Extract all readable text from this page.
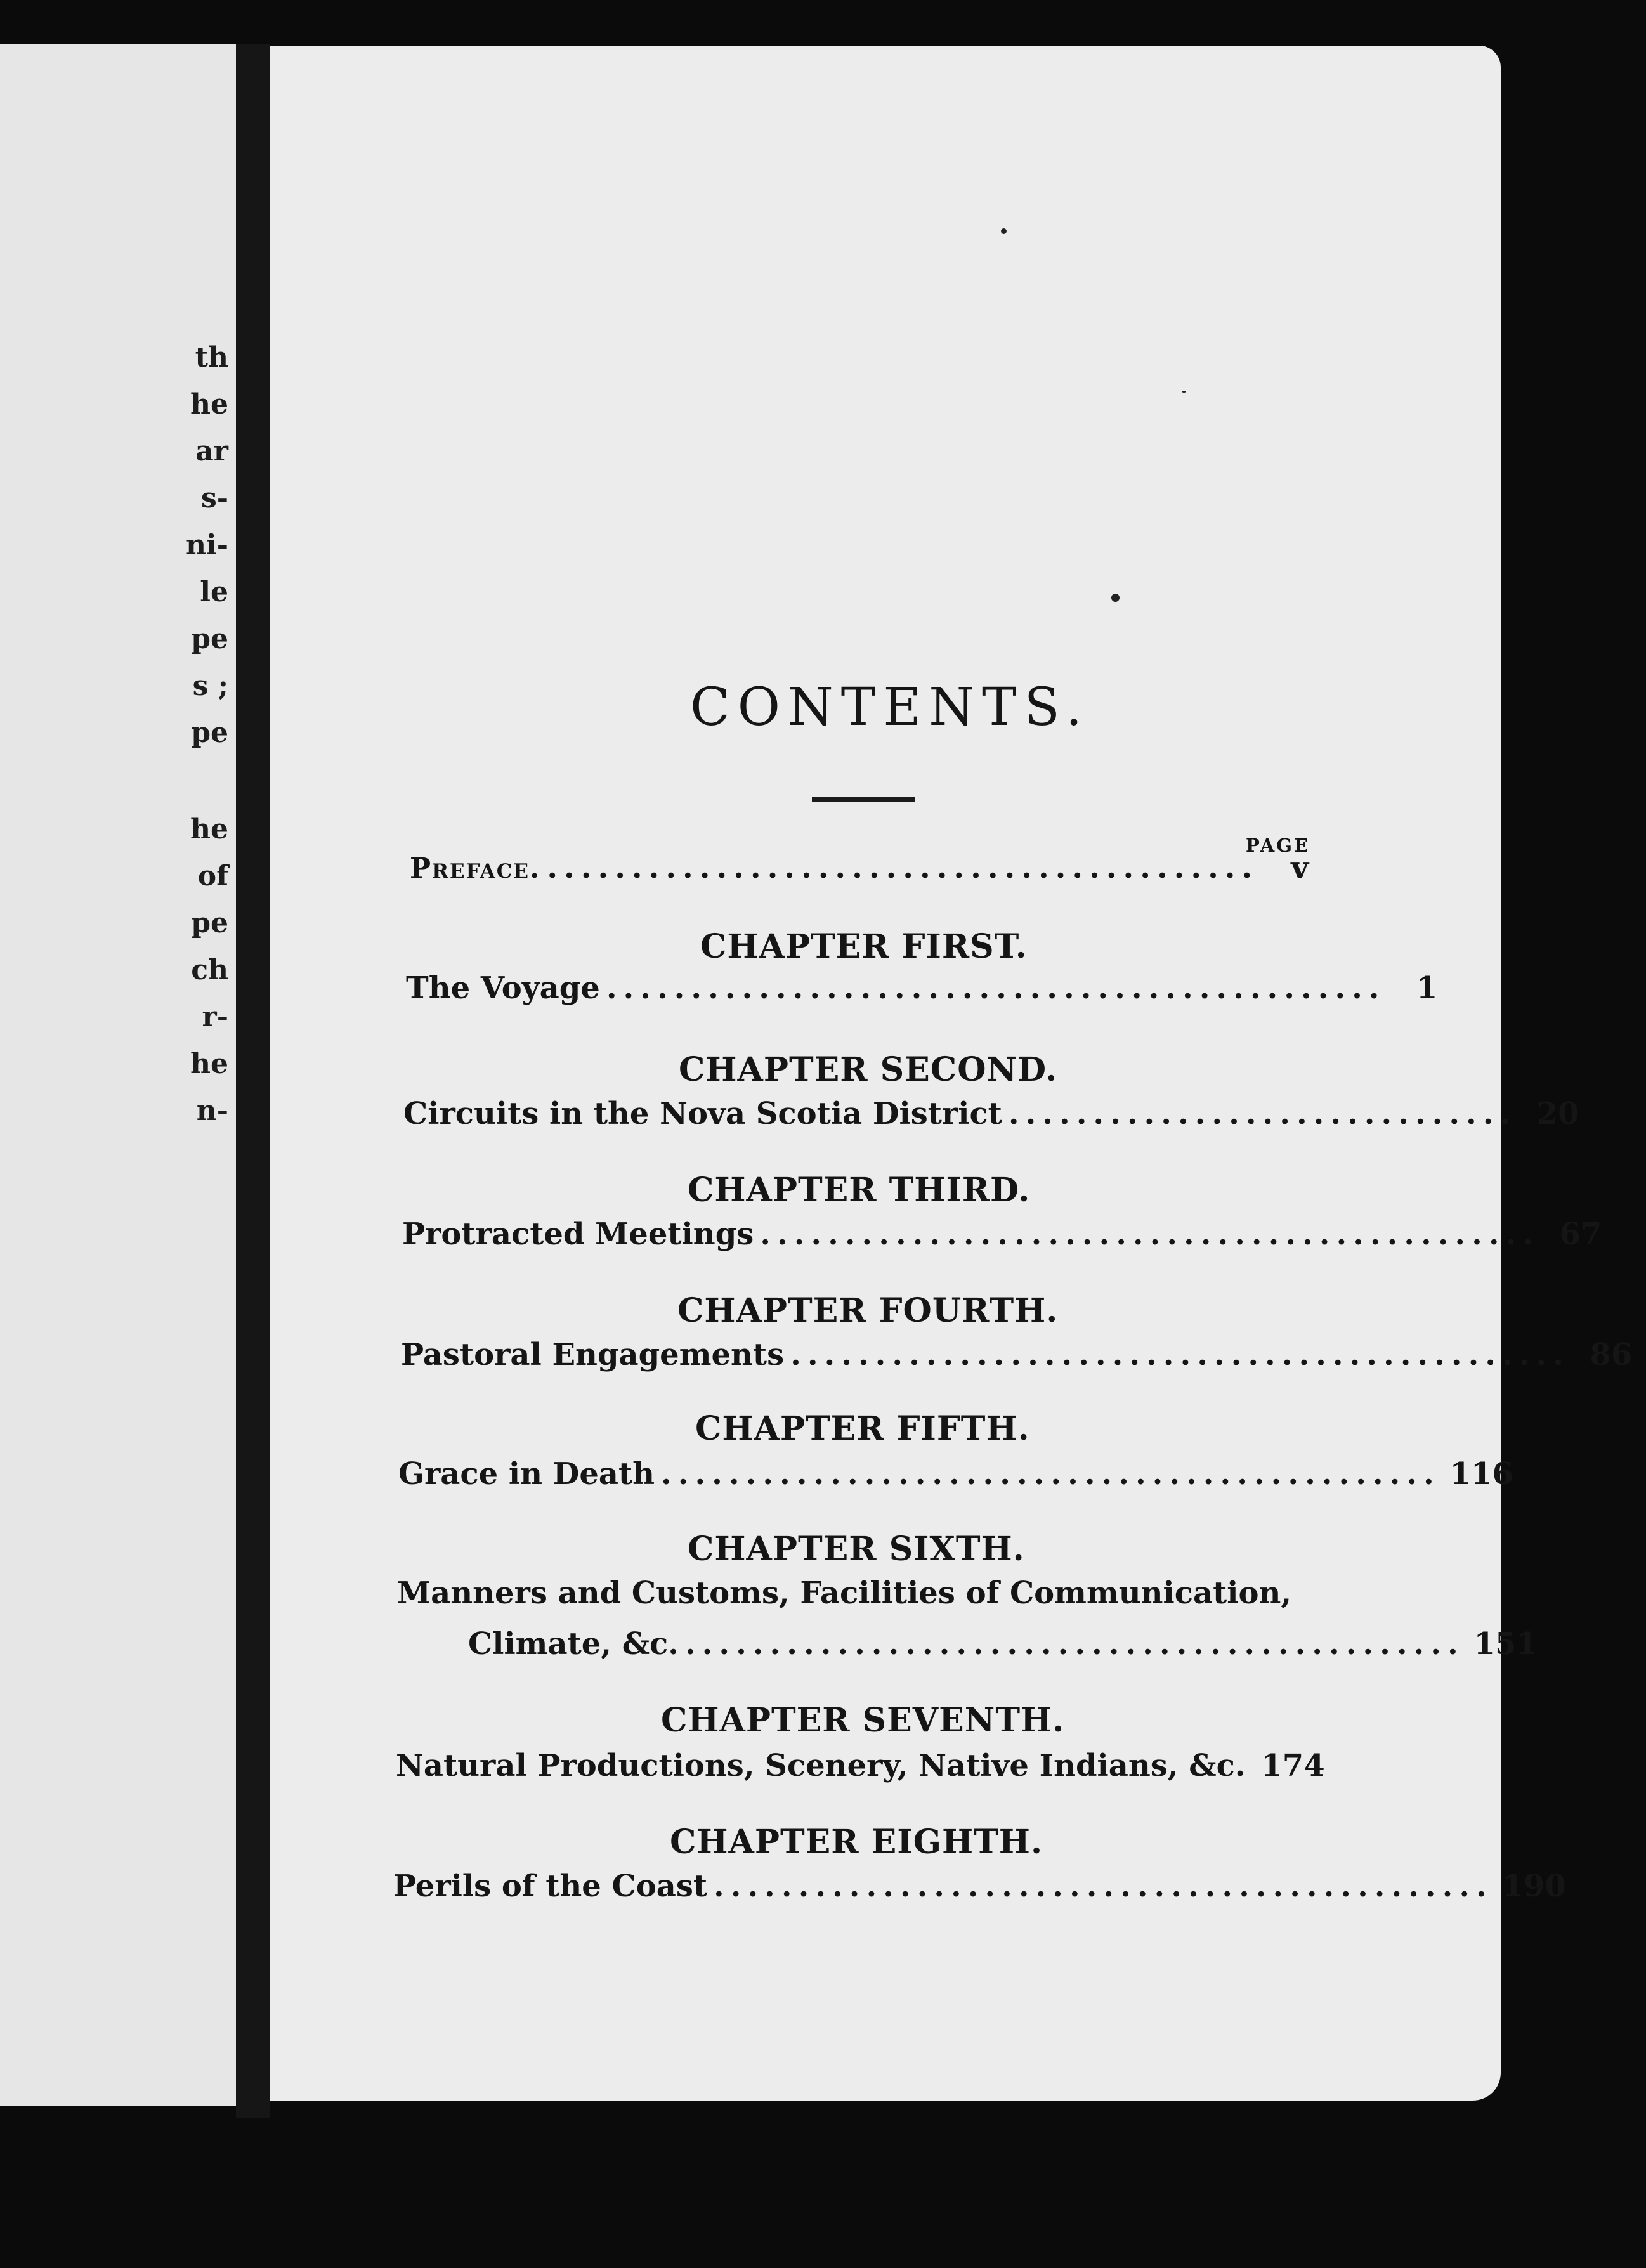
th
he
ar
s-
ni-
le
pe
s ;
pe
he
of
pe
ch
r-
he
n-
CONTENTS.
PAGE
Preface. ..........................................	v
CHAPTER FIRST.
The Voyage ..............................................	1
CHAPTER SECOND.
Circuits in the Nova Scotia District .............................. 20
CHAPTER THIRD.
Protracted Meetings .............................................. 67
CHAPTER FOURTH.
Pastoral Engagements .............................................. 86
CHAPTER FIFTH.
Grace in Death .............................................. 116
CHAPTER SIXTH.
Manners and Customs, Facilities of Communication,
Climate, &c. .............................................. 151
CHAPTER SEVENTH.
Natural Productions, Scenery, Native Indians, &c. 174
CHAPTER EIGHTH.
Perils of the Coast .............................................. 190
